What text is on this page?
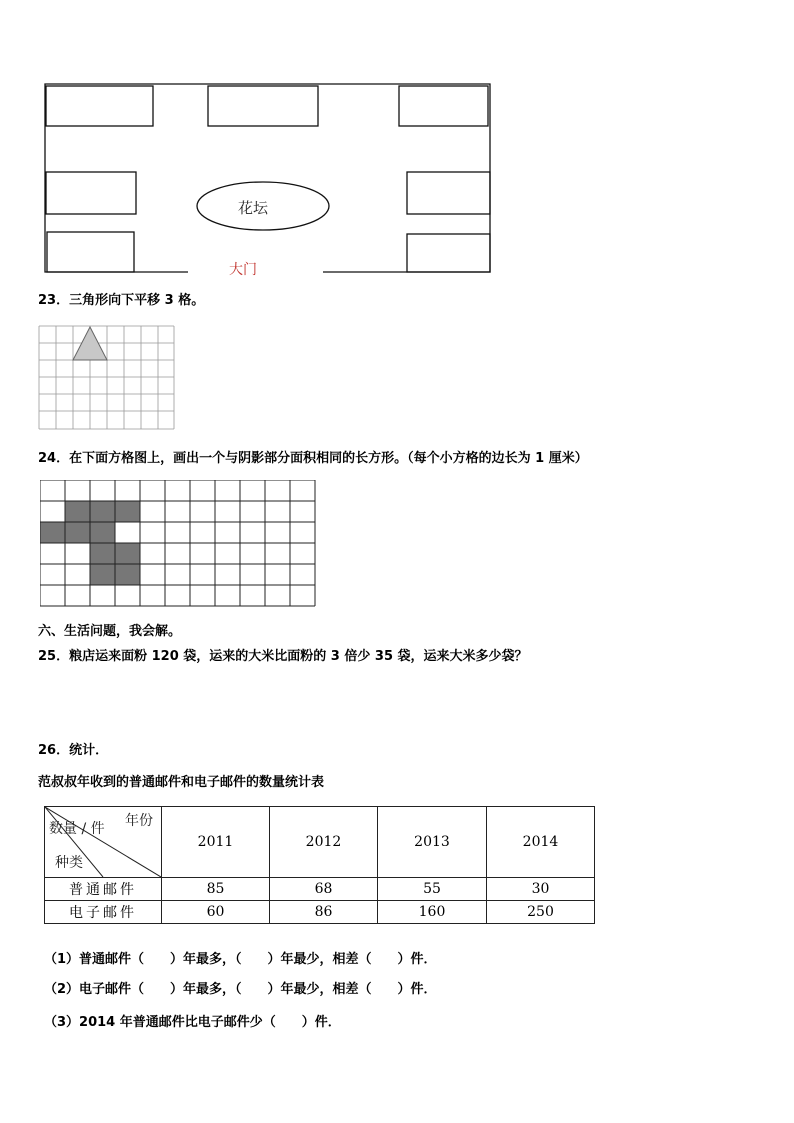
花坛
大门
23．三角形向下平移 3 格。
24．在下面方格图上，画出一个与阴影部分面积相同的长方形。（每个小方格的边长为 1 厘米）
六、生活问题，我会解。
25．粮店运来面粉 120 袋，运来的大米比面粉的 3 倍少 35 袋，运来大米多少袋？
26．统计．
范叔叔年收到的普通邮件和电子邮件的数量统计表
年份
数量 / 件
种类	2011	2012	2013	2014
普通邮件	85	68	55	30
电子邮件	60	86	160	250
（1）普通邮件（　　）年最多，（　　）年最少，相差（　　）件．
（2）电子邮件（　　）年最多，（　　）年最少，相差（　　）件．
（3）2014 年普通邮件比电子邮件少（　　）件．
